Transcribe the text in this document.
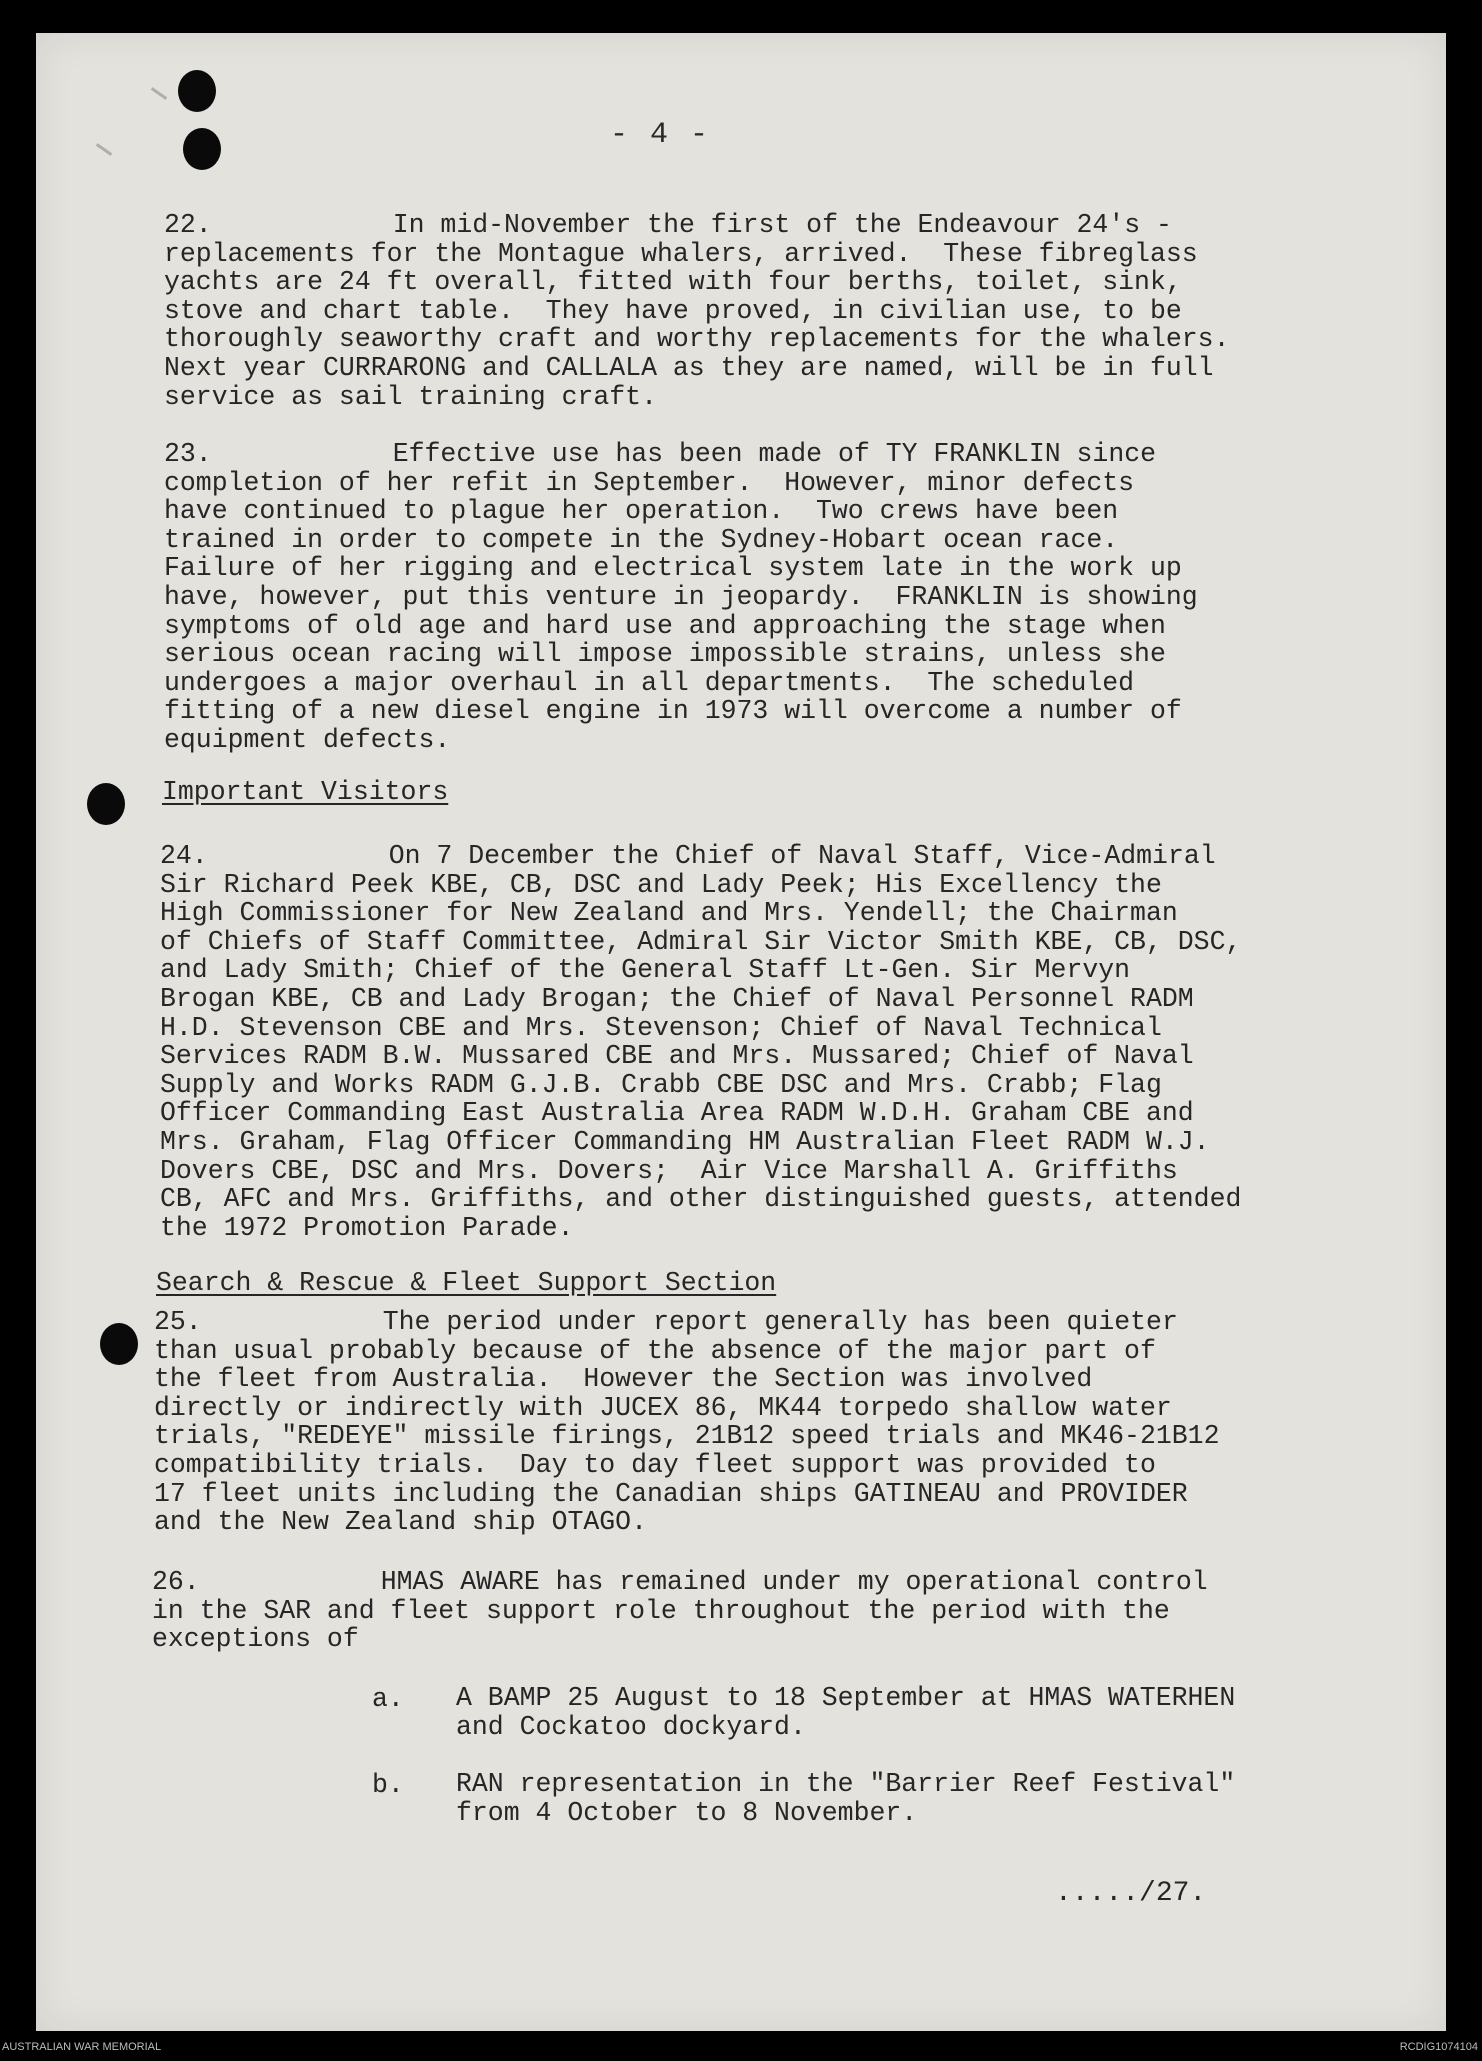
- 4 -
22.	In mid-November the first of the Endeavour 24's -
replacements for the Montague whalers, arrived.  These fibreglass
yachts are 24 ft overall, fitted with four berths, toilet, sink,
stove and chart table.  They have proved, in civilian use, to be
thoroughly seaworthy craft and worthy replacements for the whalers.
Next year CURRARONG and CALLALA as they are named, will be in full
service as sail training craft.
23.	Effective use has been made of TY FRANKLIN since
completion of her refit in September.  However, minor defects
have continued to plague her operation.  Two crews have been
trained in order to compete in the Sydney-Hobart ocean race.
Failure of her rigging and electrical system late in the work up
have, however, put this venture in jeopardy.  FRANKLIN is showing
symptoms of old age and hard use and approaching the stage when
serious ocean racing will impose impossible strains, unless she
undergoes a major overhaul in all departments.  The scheduled
fitting of a new diesel engine in 1973 will overcome a number of
equipment defects.
Important Visitors
24.	On 7 December the Chief of Naval Staff, Vice-Admiral
Sir Richard Peek KBE, CB, DSC and Lady Peek; His Excellency the
High Commissioner for New Zealand and Mrs. Yendell; the Chairman
of Chiefs of Staff Committee, Admiral Sir Victor Smith KBE, CB, DSC,
and Lady Smith; Chief of the General Staff Lt-Gen. Sir Mervyn
Brogan KBE, CB and Lady Brogan; the Chief of Naval Personnel RADM
H.D. Stevenson CBE and Mrs. Stevenson; Chief of Naval Technical
Services RADM B.W. Mussared CBE and Mrs. Mussared; Chief of Naval
Supply and Works RADM G.J.B. Crabb CBE DSC and Mrs. Crabb; Flag
Officer Commanding East Australia Area RADM W.D.H. Graham CBE and
Mrs. Graham, Flag Officer Commanding HM Australian Fleet RADM W.J.
Dovers CBE, DSC and Mrs. Dovers;  Air Vice Marshall A. Griffiths
CB, AFC and Mrs. Griffiths, and other distinguished guests, attended
the 1972 Promotion Parade.
Search & Rescue & Fleet Support Section
25.	The period under report generally has been quieter
than usual probably because of the absence of the major part of
the fleet from Australia.  However the Section was involved
directly or indirectly with JUCEX 86, MK44 torpedo shallow water
trials, "REDEYE" missile firings, 21B12 speed trials and MK46-21B12
compatibility trials.  Day to day fleet support was provided to
17 fleet units including the Canadian ships GATINEAU and PROVIDER
and the New Zealand ship OTAGO.
26.	HMAS AWARE has remained under my operational control
in the SAR and fleet support role throughout the period with the
exceptions of
a. A BAMP 25 August to 18 September at HMAS WATERHEN
and Cockatoo dockyard.
b. RAN representation in the "Barrier Reef Festival"
from 4 October to 8 November.
...../27.
AUSTRALIAN WAR MEMORIAL	RCDIG1074104
